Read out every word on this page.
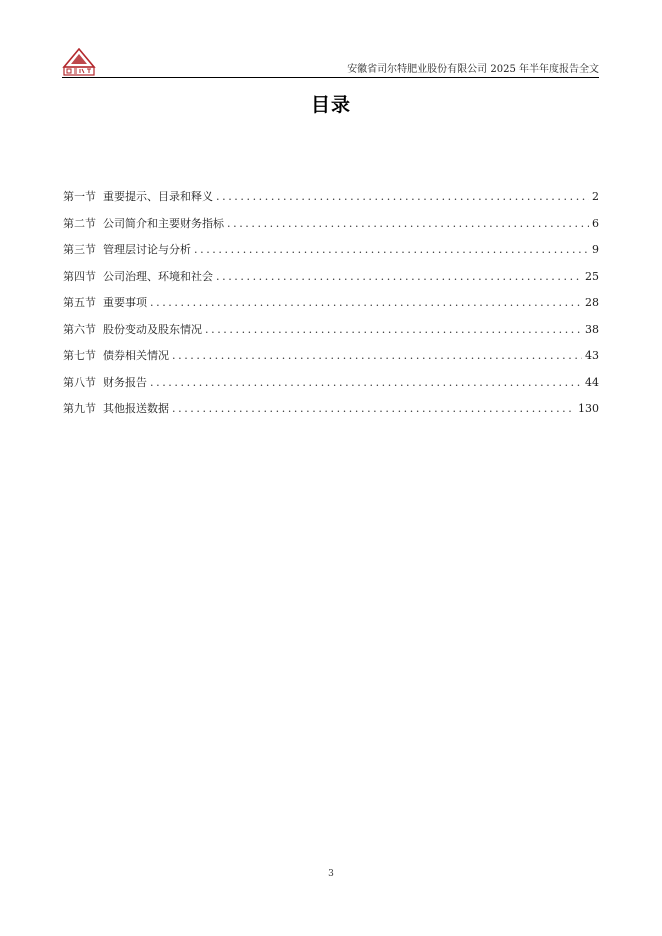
安徽省司尔特肥业股份有限公司 2025 年半年度报告全文
目录
第一节 重要提示、目录和释义 .....	2
第二节 公司简介和主要财务指标 .....	6
第三节 管理层讨论与分析 .....	9
第四节 公司治理、环境和社会 .....	25
第五节 重要事项 .....	28
第六节 股份变动及股东情况 .....	38
第七节 债券相关情况 .....	43
第八节 财务报告 .....	44
第九节 其他报送数据 .....	130
3
